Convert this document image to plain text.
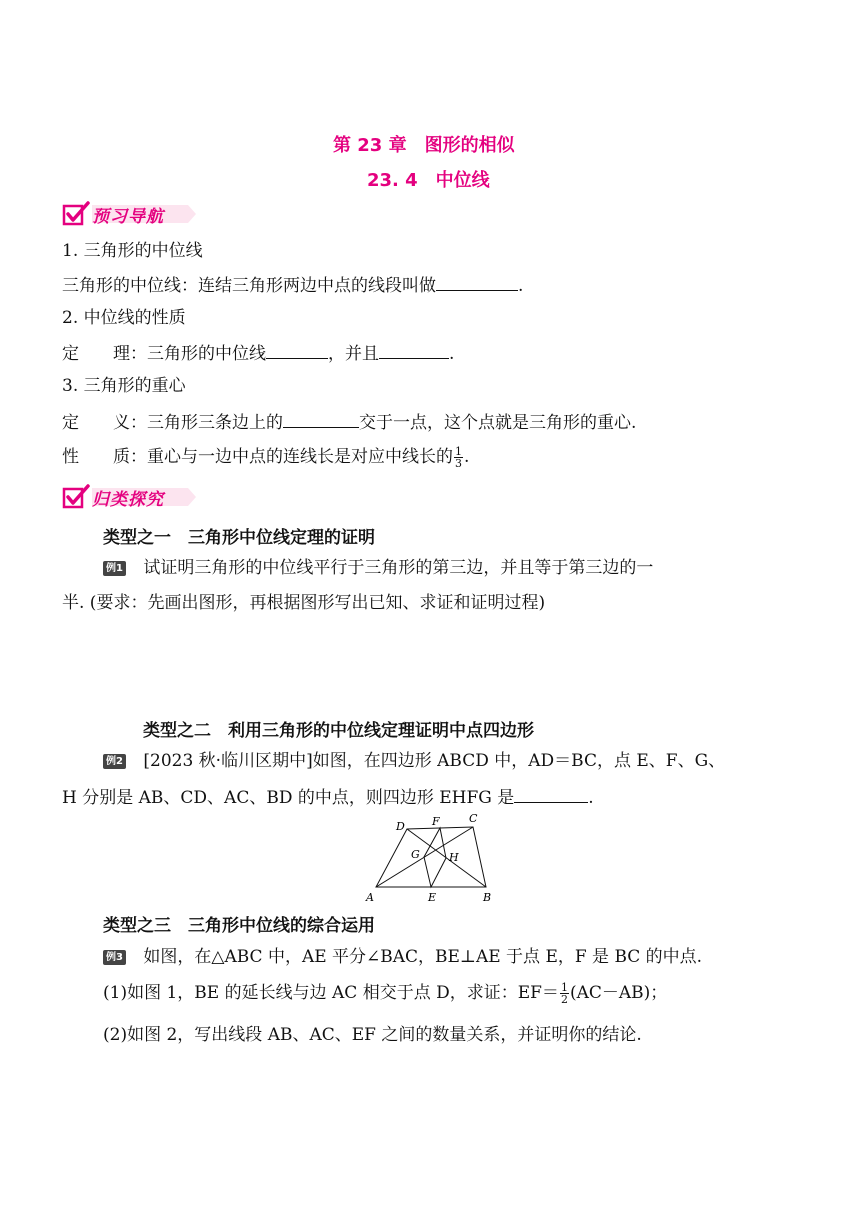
第 23 章　图形的相似
23. 4　中位线
预习导航
1. 三角形的中位线
三角形的中位线：连结三角形两边中点的线段叫做	.
2. 中位线的性质
定　　理：三角形的中位线	，并且	.
3. 三角形的重心
定　　义：三角形三条边上的	交于一点，这个点就是三角形的重心.
性　　质：重心与一边中点的连线长是对应中线长的 $\frac{1}{3}$ .
归类探究
类型之一　三角形中位线定理的证明
例1 试证明三角形的中位线平行于三角形的第三边，并且等于第三边的一
半. (要求：先画出图形，再根据图形写出已知、求证和证明过程)
类型之二　利用三角形的中位线定理证明中点四边形
例2 [2023 秋·临川区期中]如图，在四边形 ABCD 中，AD＝BC，点 E、F、G、
H 分别是 AB、CD、AC、BD 的中点，则四边形 EHFG 是	.
A	B
C
D
E
F
G	H
类型之三　三角形中位线的综合运用
例3 如图，在△ABC 中，AE 平分∠BAC，BE⊥AE 于点 E，F 是 BC 的中点.
(1)如图 1，BE 的延长线与边 AC 相交于点 D，求证：$EF= \frac{1}{2} (AC-AB)$；
(2)如图 2，写出线段 AB、AC、EF 之间的数量关系，并证明你的结论.
